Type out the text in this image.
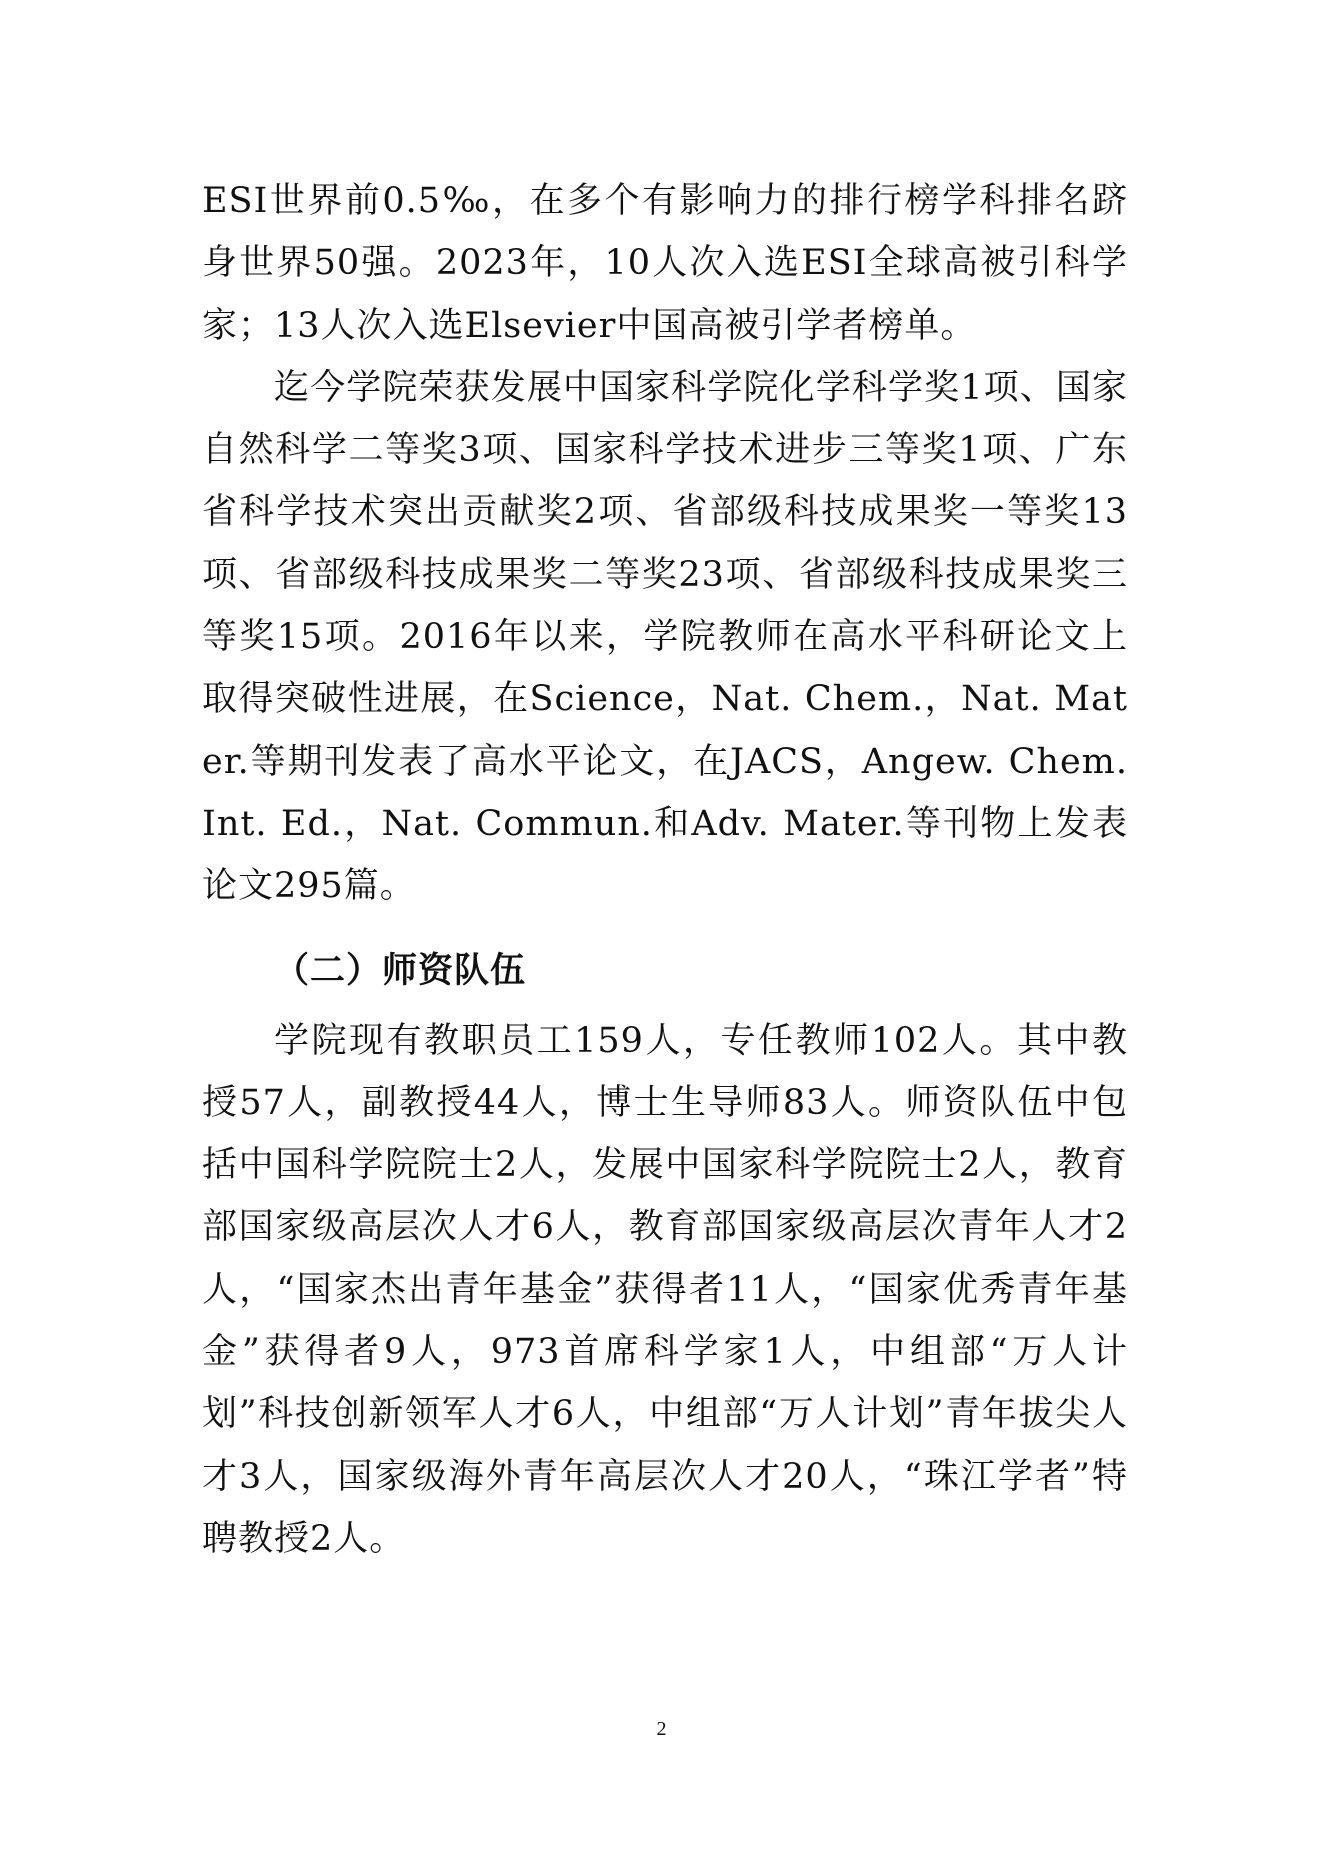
ESI世界前0.5‰，在多个有影响力的排行榜学科排名跻身世界50强。2023年，10人次入选ESI全球高被引科学家；13人次入选Elsevier中国高被引学者榜单。

迄今学院荣获发展中国家科学院化学科学奖1项、国家自然科学二等奖3项、国家科学技术进步三等奖1项、广东省科学技术突出贡献奖2项、省部级科技成果奖一等奖13项、省部级科技成果奖二等奖23项、省部级科技成果奖三等奖15项。2016年以来，学院教师在高水平科研论文上取得突破性进展，在Science，Nat. Chem.，Nat. Mater.等期刊发表了高水平论文，在JACS，Angew. Chem. Int. Ed.，Nat. Commun.和Adv. Mater.等刊物上发表论文295篇。

（二）师资队伍

学院现有教职员工159人，专任教师102人。其中教授57人，副教授44人，博士生导师83人。师资队伍中包括中国科学院院士2人，发展中国家科学院院士2人，教育部国家级高层次人才6人，教育部国家级高层次青年人才2人，“国家杰出青年基金”获得者11人，“国家优秀青年基金”获得者9人，973首席科学家1人，中组部“万人计划”科技创新领军人才6人，中组部“万人计划”青年拔尖人才3人，国家级海外青年高层次人才20人，“珠江学者”特聘教授2人。

2
